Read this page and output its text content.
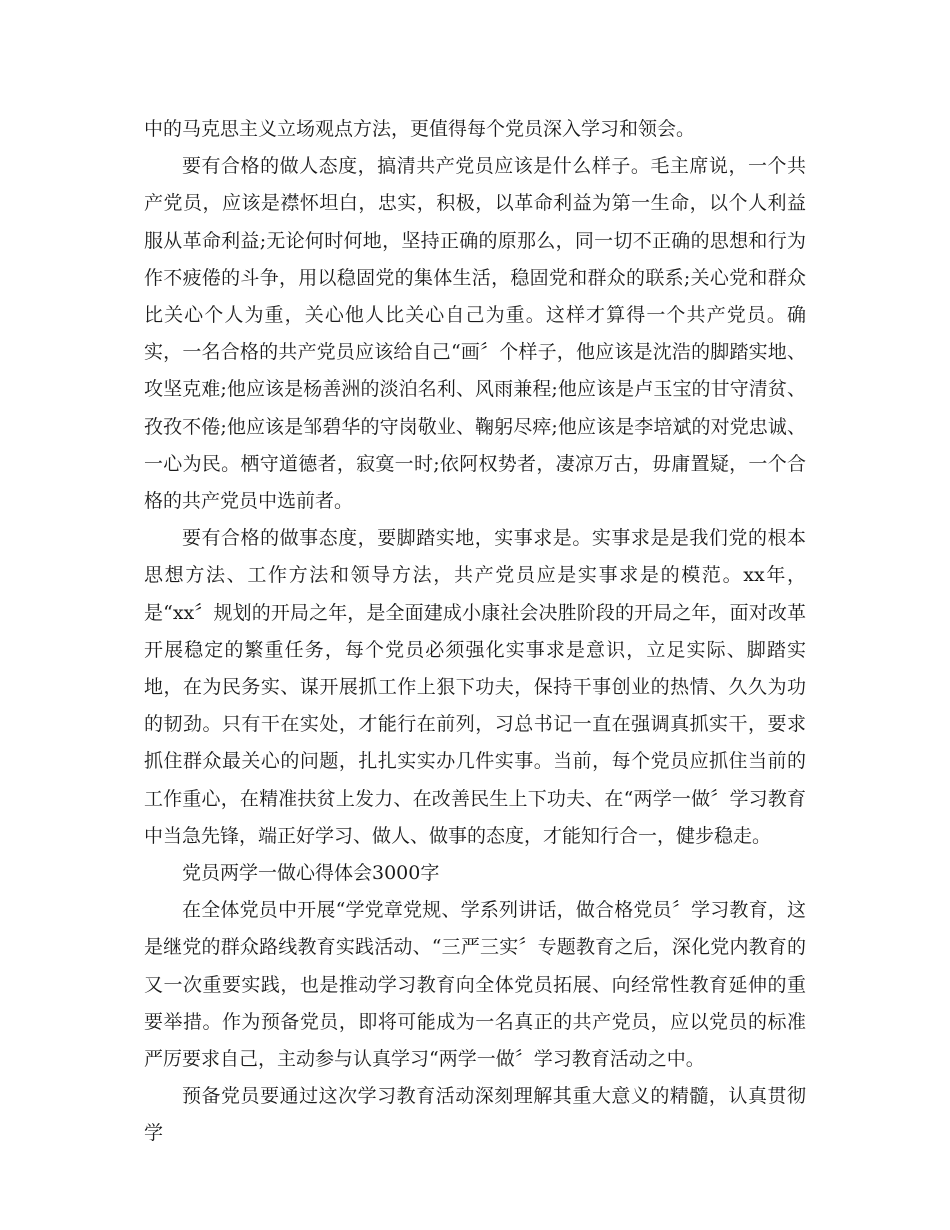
中的马克思主义立场观点方法，更值得每个党员深入学习和领会。

要有合格的做人态度，搞清共产党员应该是什么样子。毛主席说，一个共产党员，应该是襟怀坦白，忠实，积极，以革命利益为第一生命，以个人利益服从革命利益;无论何时何地，坚持正确的原那么，同一切不正确的思想和行为作不疲倦的斗争，用以稳固党的集体生活，稳固党和群众的联系;关心党和群众比关心个人为重，关心他人比关心自己为重。这样才算得一个共产党员。确实，一名合格的共产党员应该给自己“画〞个样子，他应该是沈浩的脚踏实地、攻坚克难;他应该是杨善洲的淡泊名利、风雨兼程;他应该是卢玉宝的甘守清贫、孜孜不倦;他应该是邹碧华的守岗敬业、鞠躬尽瘁;他应该是李培斌的对党忠诚、一心为民。栖守道德者，寂寞一时;依阿权势者，凄凉万古，毋庸置疑，一个合格的共产党员中选前者。

要有合格的做事态度，要脚踏实地，实事求是。实事求是是我们党的根本思想方法、工作方法和领导方法，共产党员应是实事求是的模范。xx年，是“xx〞规划的开局之年，是全面建成小康社会决胜阶段的开局之年，面对改革开展稳定的繁重任务，每个党员必须强化实事求是意识，立足实际、脚踏实地，在为民务实、谋开展抓工作上狠下功夫，保持干事创业的热情、久久为功的韧劲。只有干在实处，才能行在前列，习总书记一直在强调真抓实干，要求抓住群众最关心的问题，扎扎实实办几件实事。当前，每个党员应抓住当前的工作重心，在精准扶贫上发力、在改善民生上下功夫、在“两学一做〞学习教育中当急先锋，端正好学习、做人、做事的态度，才能知行合一，健步稳走。

党员两学一做心得体会3000字

在全体党员中开展“学党章党规、学系列讲话，做合格党员〞学习教育，这是继党的群众路线教育实践活动、“三严三实〞专题教育之后，深化党内教育的又一次重要实践，也是推动学习教育向全体党员拓展、向经常性教育延伸的重要举措。作为预备党员，即将可能成为一名真正的共产党员，应以党员的标准严厉要求自己，主动参与认真学习“两学一做〞学习教育活动之中。

预备党员要通过这次学习教育活动深刻理解其重大意义的精髓，认真贯彻学
